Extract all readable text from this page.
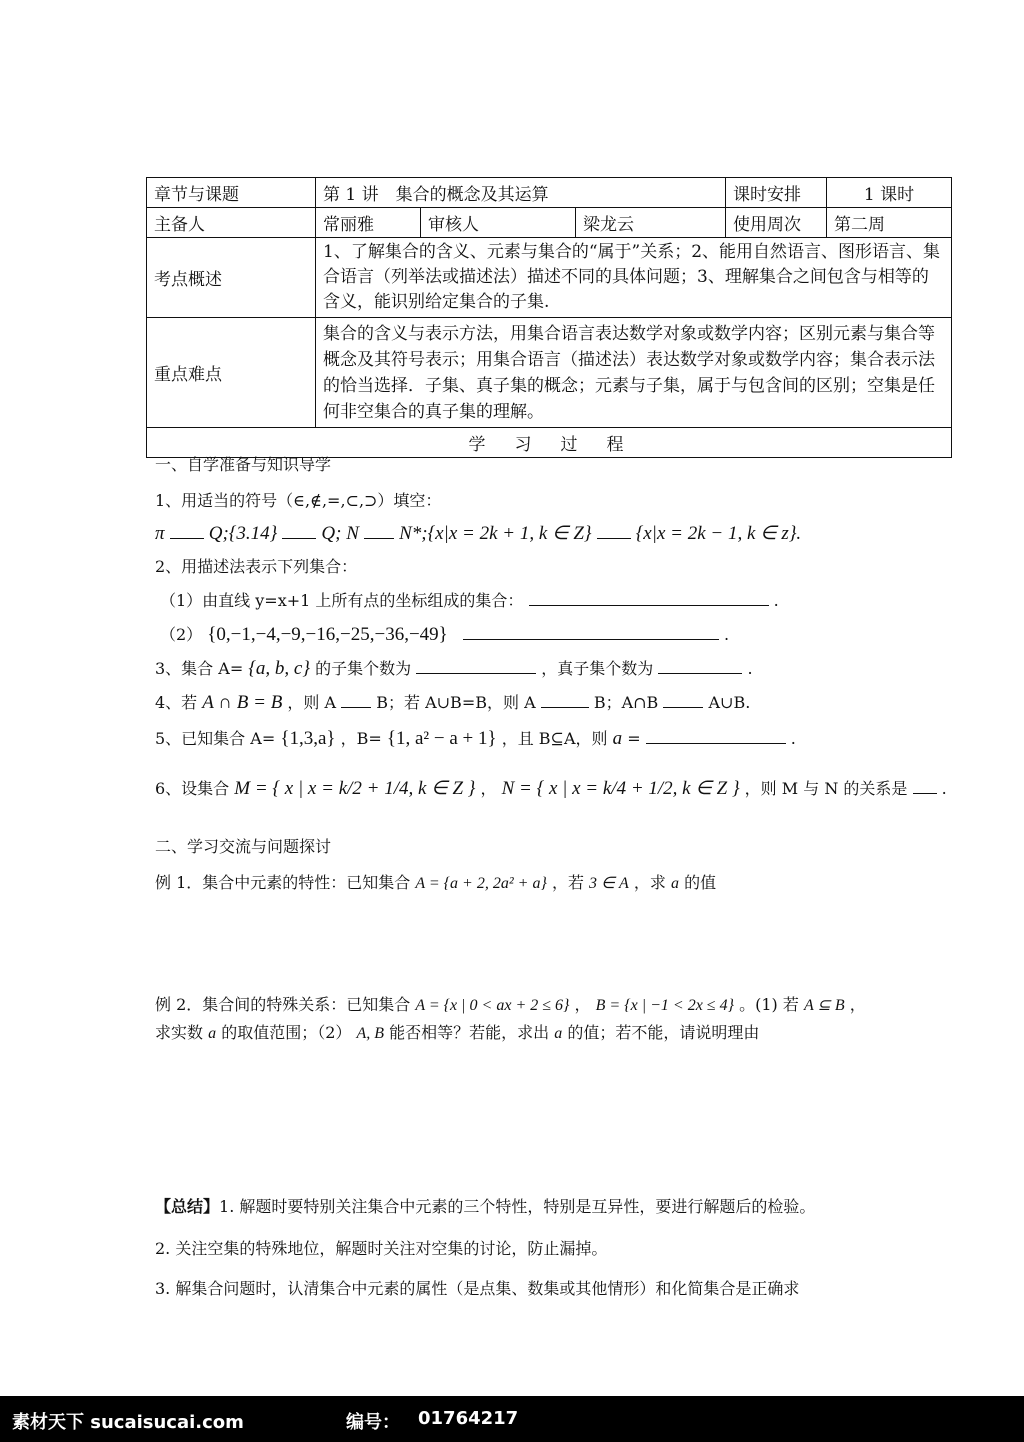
章节与课题	第 1 讲　集合的概念及其运算			课时安排	1 课时
主备人	常丽雅	审核人	梁龙云	使用周次	第二周
考点概述	1、了解集合的含义、元素与集合的“属于”关系；2、能用自然语言、图形语言、集合语言（列举法或描述法）描述不同的具体问题；3、理解集合之间包含与相等的含义，能识别给定集合的子集.				
重点难点	集合的含义与表示方法，用集合语言表达数学对象或数学内容；区别元素与集合等概念及其符号表示；用集合语言（描述法）表达数学对象或数学内容；集合表示法的恰当选择．子集、真子集的概念；元素与子集，属于与包含间的区别；空集是任何非空集合的真子集的理解。				
学　习　过　程					
一、自学准备与知识导学
1、用适当的符号（∈,∉,=,⊂,⊃）填空：
π Q;{3.14} Q; N N*;{x|x = 2k + 1, k ∈ Z} {x|x = 2k − 1, k ∈ z}.
2、用描述法表示下列集合：
（1）由直线 y=x+1 上所有点的坐标组成的集合：	.
（2） {0,−1,−4,−9,−16,−25,−36,−49}	.
3、集合 A= {a, b, c} 的子集个数为	，真子集个数为	.
4、若 A ∩ B = B ，则 A	B；若 A∪B=B，则 A	B；A∩B	A∪B.
5、已知集合 A= {1,3,a} ，B= {1, a² − a + 1} ，且 B⊆A，则 a =	.
6、设集合 M = { x | x = k/2 + 1/4, k ∈ Z } ， N = { x | x = k/4 + 1/2, k ∈ Z } ，则 M 与 N 的关系是 .
二、学习交流与问题探讨
例 1．集合中元素的特性：已知集合 A = {a + 2, 2a² + a} ，若 3 ∈ A ，求 a 的值
例 2．集合间的特殊关系：已知集合 A = {x | 0 < ax + 2 ≤ 6} ， B = {x | −1 < 2x ≤ 4} 。(1) 若 A ⊆ B ，
求实数 a 的取值范围；（2） A, B 能否相等？若能，求出 a 的值；若不能，请说明理由
【总结】1. 解题时要特别关注集合中元素的三个特性，特别是互异性，要进行解题后的检验。
2. 关注空集的特殊地位，解题时关注对空集的讨论，防止漏掉。
3. 解集合问题时，认清集合中元素的属性（是点集、数集或其他情形）和化简集合是正确求
素材天下 sucaisucai.com	编号： 01764217
